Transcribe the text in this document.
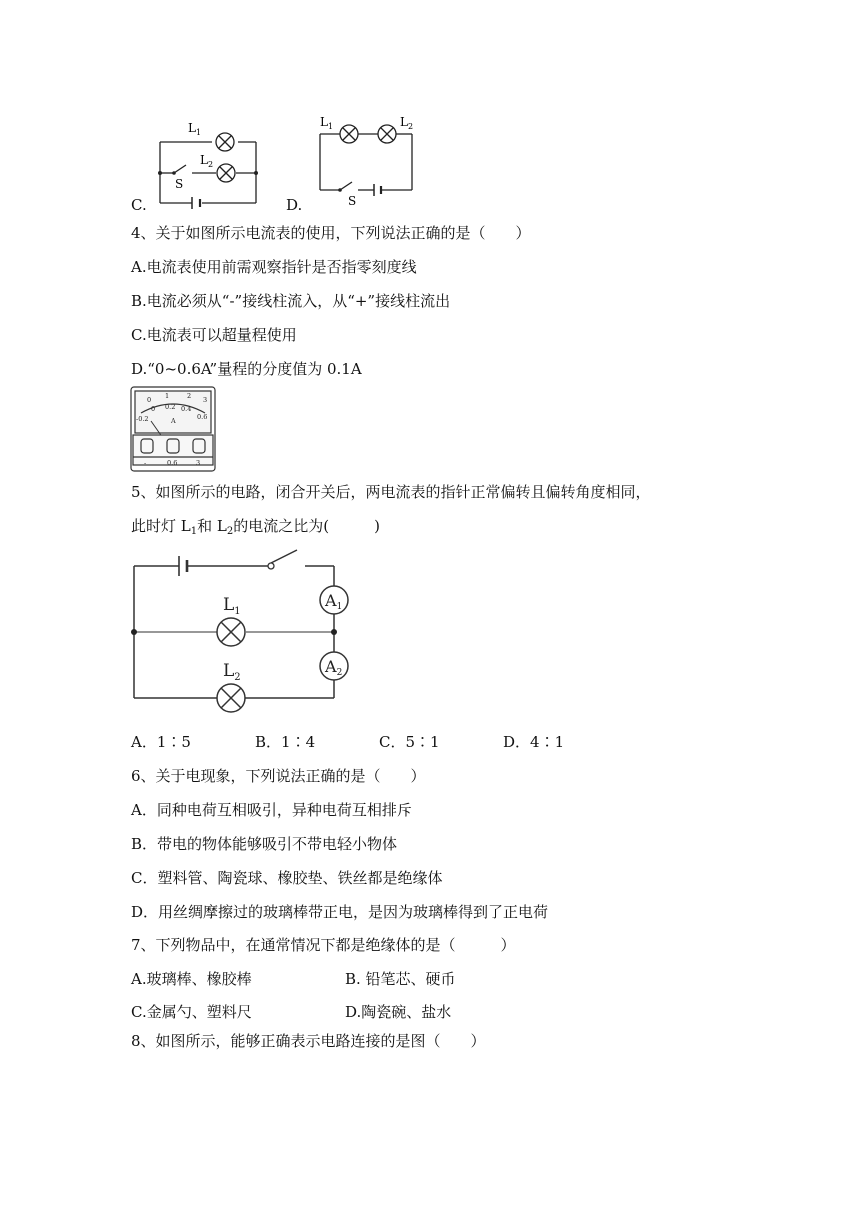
C.
$L_1$
$L_2$
S
D.
$L_1$	$L_2$
S
4、关于如图所示电流表的使用，下列说法正确的是（　　）
A.电流表使用前需观察指针是否指零刻度线
B.电流必须从“-”接线柱流入，从“+”接线柱流出
C.电流表可以超量程使用
D.“0~0.6A”量程的分度值为 0.1A
0 1	2 3
-0.2
0 0.2 0.4
0.6
A
-	0.6	3
5、如图所示的电路，闭合开关后，两电流表的指针正常偏转且偏转角度相同，
此时灯 $L_1$和 $L_2$的电流之比为(　　　)
$L_1$
$L_2$
A1
A2
A．1∶5	B．1∶4	C．5∶1	D．4∶1
6、关于电现象，下列说法正确的是（　　）
A．同种电荷互相吸引，异种电荷互相排斥
B．带电的物体能够吸引不带电轻小物体
C．塑料管、陶瓷球、橡胶垫、铁丝都是绝缘体
D．用丝绸摩擦过的玻璃棒带正电，是因为玻璃棒得到了正电荷
7、下列物品中，在通常情况下都是绝缘体的是（　　　）
A.玻璃棒、橡胶棒	B. 铅笔芯、硬币
C.金属勺、塑料尺	D.陶瓷碗、盐水
8、如图所示，能够正确表示电路连接的是图（　　）
